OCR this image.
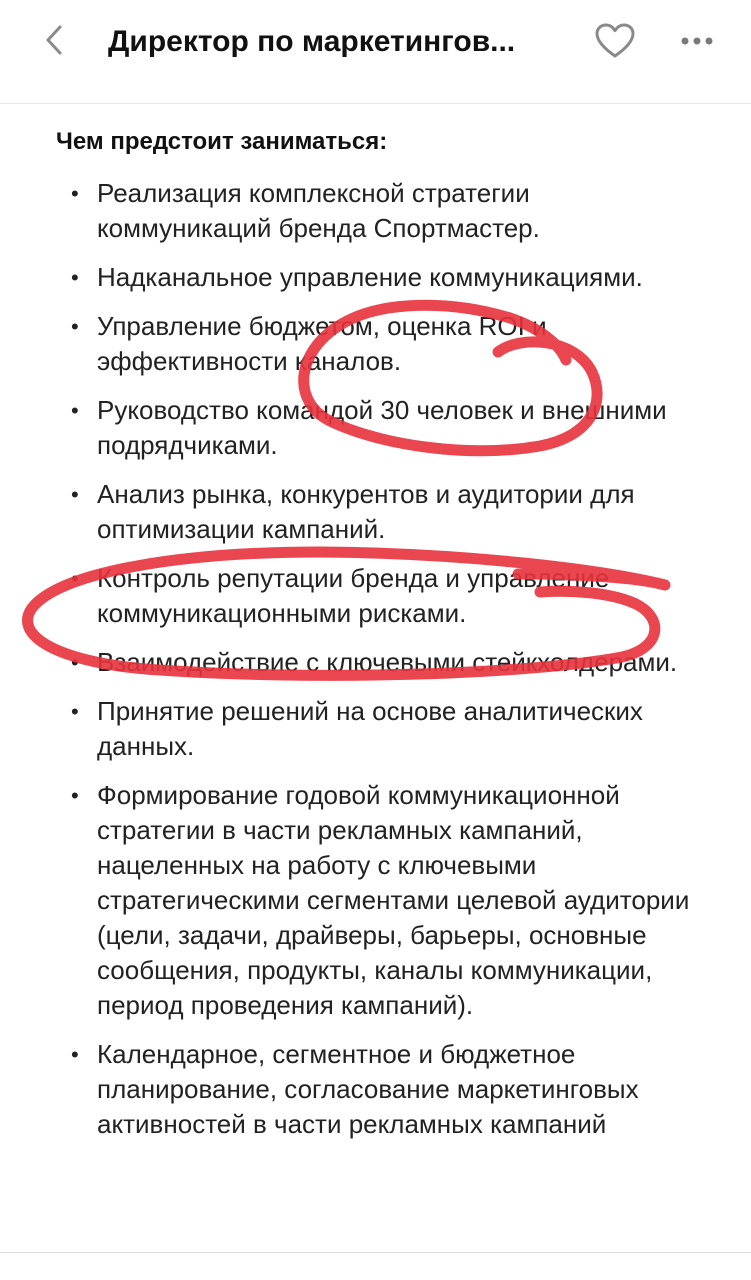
Директор по маркетингов...
Чем предстоит заниматься:
• Реализация комплексной стратегии коммуникаций бренда Спортмастер.
• Надканальное управление коммуникациями.
• Управление бюджетом, оценка ROI и эффективности каналов.
• Руководство командой 30 человек и внешними подрядчиками.
• Анализ рынка, конкурентов и аудитории для оптимизации кампаний.
• Контроль репутации бренда и управление коммуникационными рисками.
• Взаимодействие с ключевыми стейкхолдерами.
• Принятие решений на основе аналитических данных.
• Формирование годовой коммуникационной стратегии в части рекламных кампаний, нацеленных на работу с ключевыми стратегическими сегментами целевой аудитории (цели, задачи, драйверы, барьеры, основные сообщения, продукты, каналы коммуникации, период проведения кампаний).
• Календарное, сегментное и бюджетное планирование, согласование маркетинговых активностей в части рекламных кампаний
